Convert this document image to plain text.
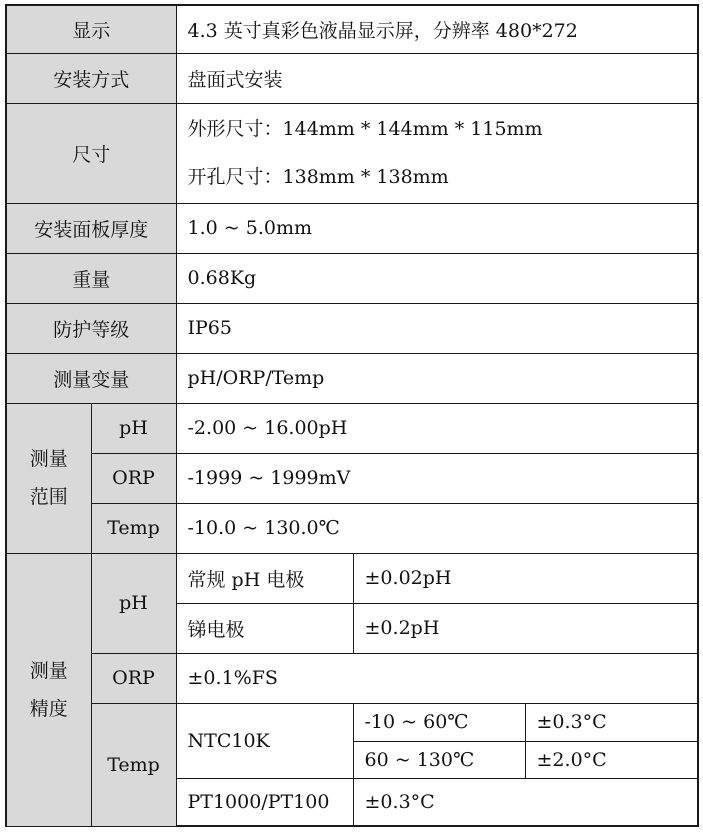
显示		4.3 英寸真彩色液晶显示屏，分辨率 480*272		
安装方式		盘面式安装		
尺寸		外形尺寸：144mm * 144mm * 115mm
开孔尺寸：138mm * 138mm		

安装面板厚度		1.0 ~ 5.0mm		
重量		0.68Kg		
防护等级		IP65		
测量变量		pH/ORP/Temp		

测量
范围	pH	-2.00 ~ 16.00pH		
	ORP	-1999 ~ 1999mV		
	Temp	-10.0 ~ 130.0℃		

测量
精度	pH	常规 pH 电极	±0.02pH	
		锑电极	±0.2pH	
	ORP	±0.1%FS		
	Temp	NTC10K	-10 ~ 60℃	±0.3°C
			60 ~ 130℃	±2.0°C
		PT1000/PT100	±0.3°C	
